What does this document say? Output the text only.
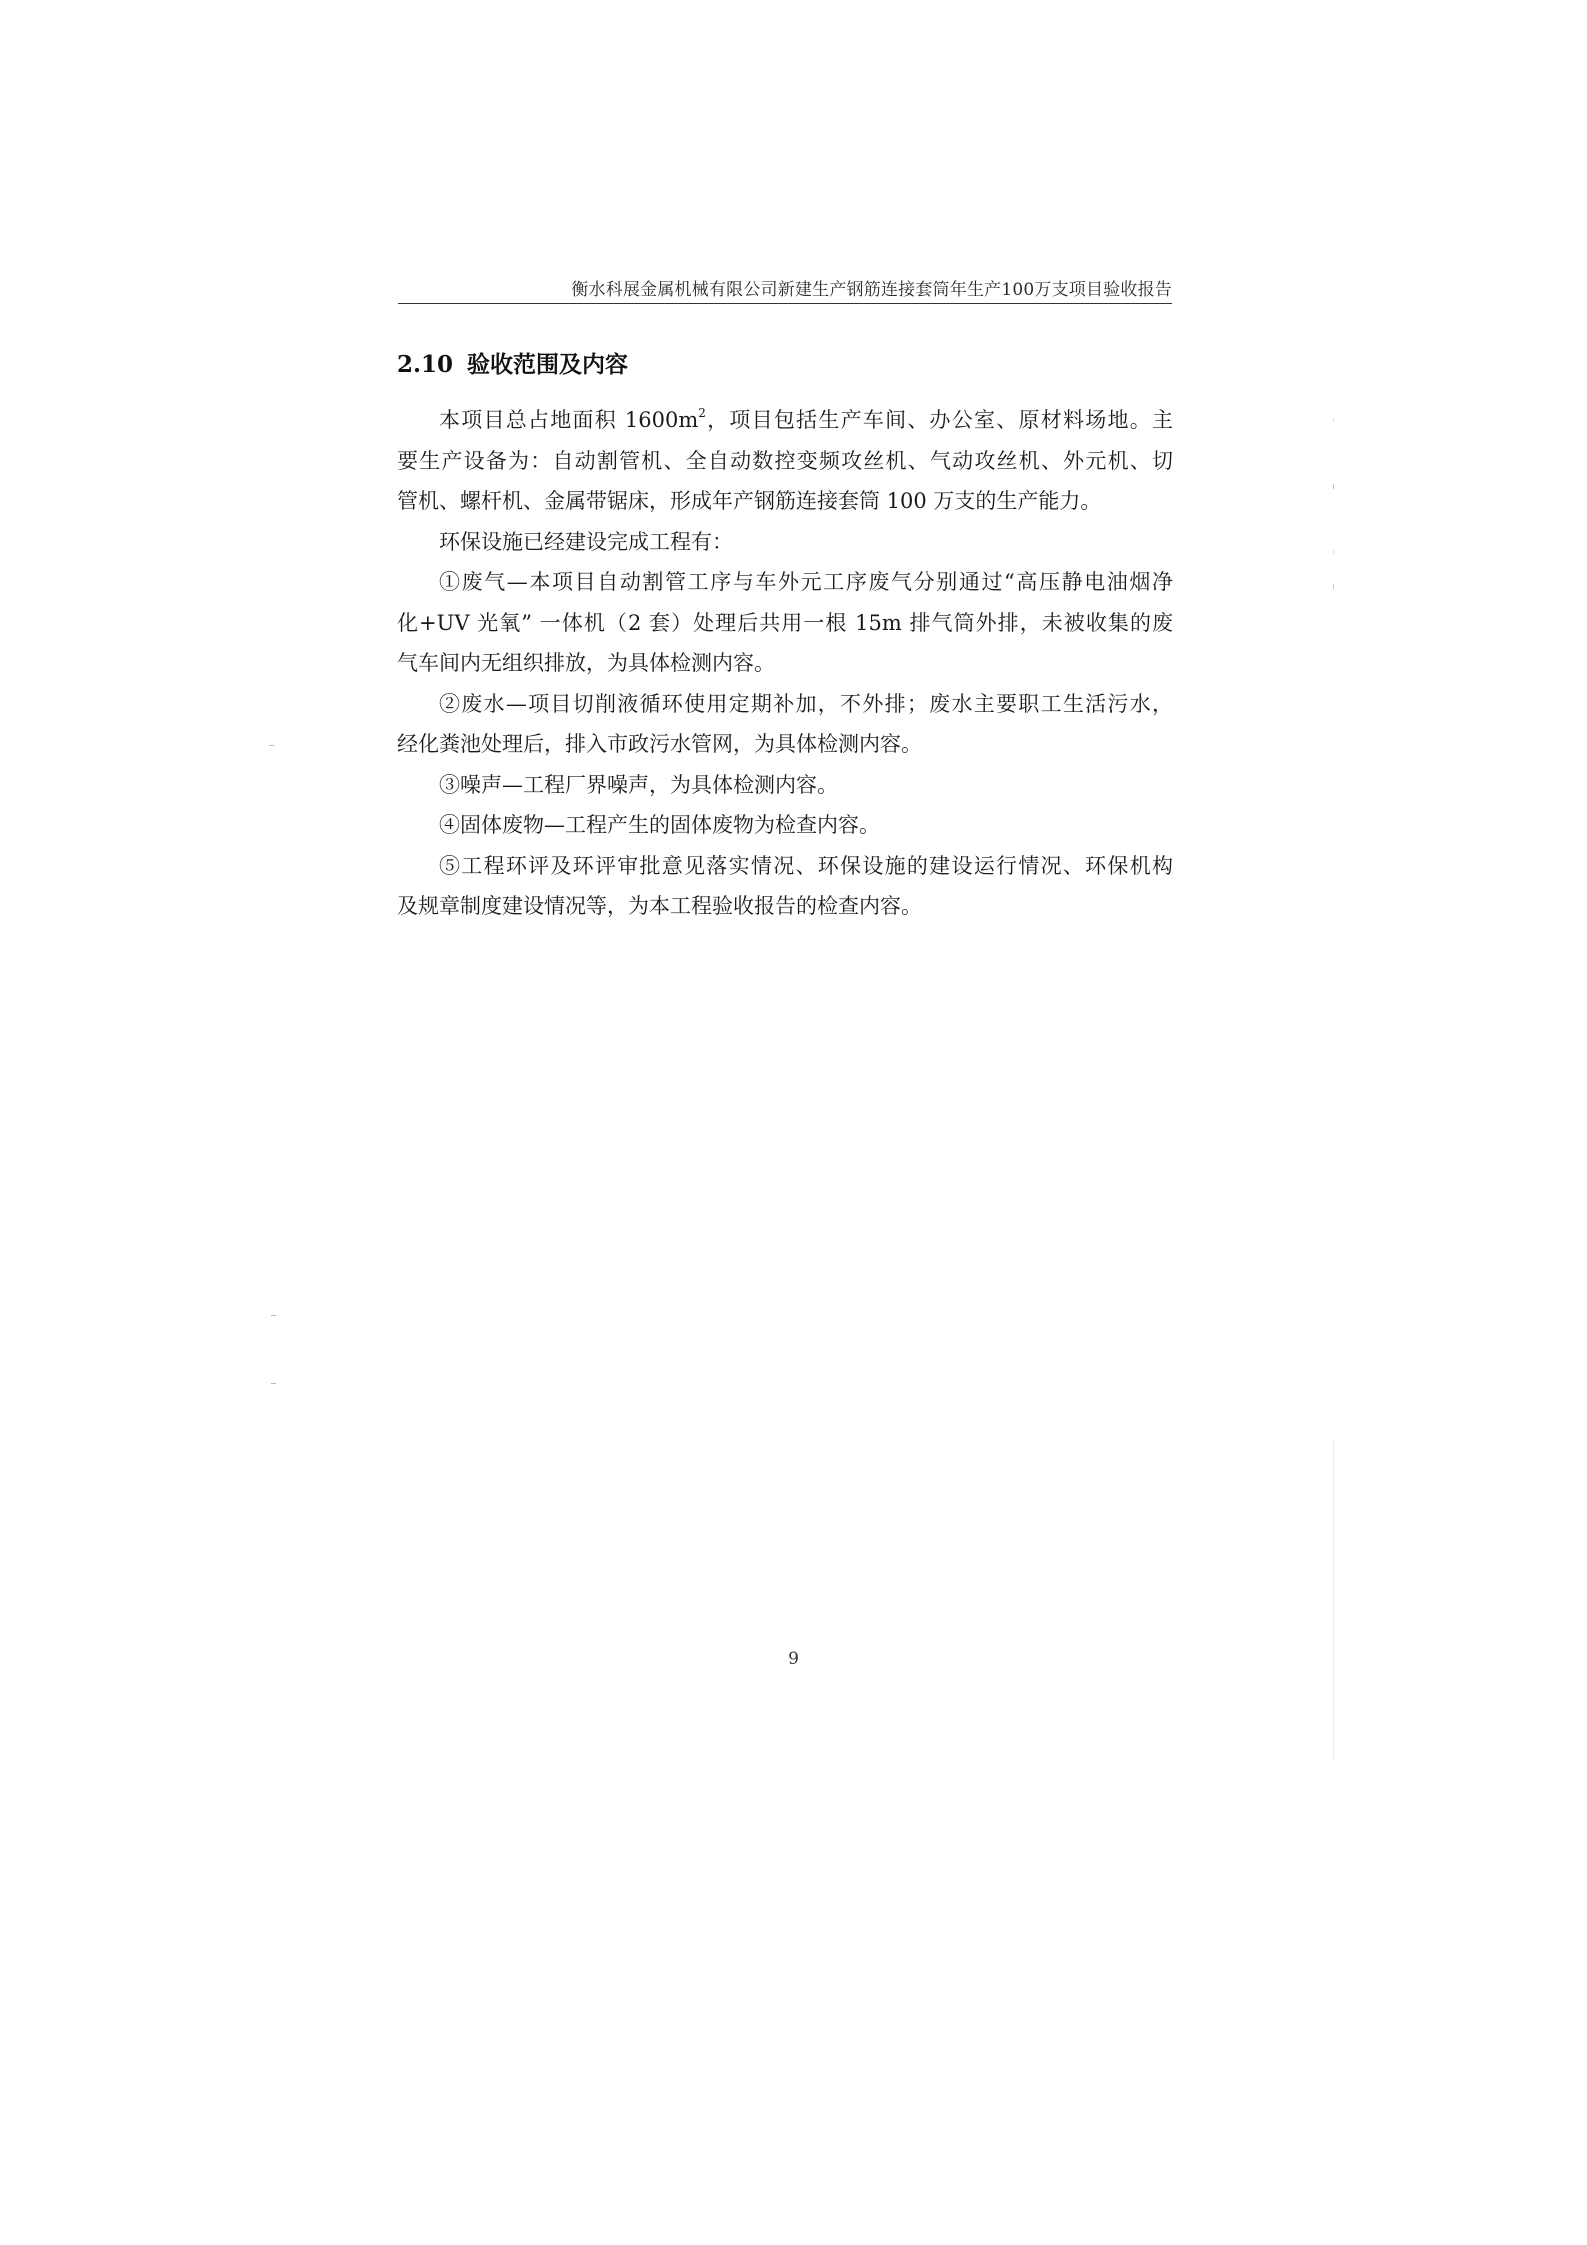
衡水科展金属机械有限公司新建生产钢筋连接套筒年生产100万支项目验收报告
2.10 验收范围及内容
本项目总占地面积 $1600m^2$，项目包括生产车间、办公室、原材料场地。主
要生产设备为：自动割管机、全自动数控变频攻丝机、气动攻丝机、外元机、切
管机、螺杆机、金属带锯床，形成年产钢筋连接套筒 100 万支的生产能力。
环保设施已经建设完成工程有：
①废气—本项目自动割管工序与车外元工序废气分别通过“高压静电油烟净
化+UV 光氧” 一体机（2 套）处理后共用一根 15m 排气筒外排，未被收集的废
气车间内无组织排放，为具体检测内容。
②废水—项目切削液循环使用定期补加，不外排；废水主要职工生活污水，
经化粪池处理后，排入市政污水管网，为具体检测内容。
③噪声—工程厂界噪声，为具体检测内容。
④固体废物—工程产生的固体废物为检查内容。
⑤工程环评及环评审批意见落实情况、环保设施的建设运行情况、环保机构
及规章制度建设情况等，为本工程验收报告的检查内容。
9
